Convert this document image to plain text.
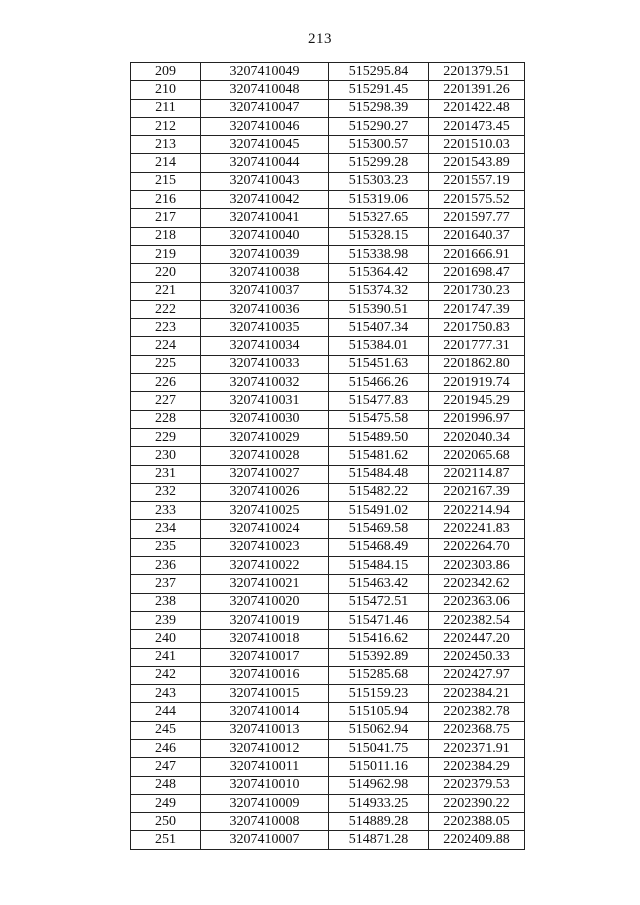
213
209	3207410049	515295.84	2201379.51
210	3207410048	515291.45	2201391.26
211	3207410047	515298.39	2201422.48
212	3207410046	515290.27	2201473.45
213	3207410045	515300.57	2201510.03
214	3207410044	515299.28	2201543.89
215	3207410043	515303.23	2201557.19
216	3207410042	515319.06	2201575.52
217	3207410041	515327.65	2201597.77
218	3207410040	515328.15	2201640.37
219	3207410039	515338.98	2201666.91
220	3207410038	515364.42	2201698.47
221	3207410037	515374.32	2201730.23
222	3207410036	515390.51	2201747.39
223	3207410035	515407.34	2201750.83
224	3207410034	515384.01	2201777.31
225	3207410033	515451.63	2201862.80
226	3207410032	515466.26	2201919.74
227	3207410031	515477.83	2201945.29
228	3207410030	515475.58	2201996.97
229	3207410029	515489.50	2202040.34
230	3207410028	515481.62	2202065.68
231	3207410027	515484.48	2202114.87
232	3207410026	515482.22	2202167.39
233	3207410025	515491.02	2202214.94
234	3207410024	515469.58	2202241.83
235	3207410023	515468.49	2202264.70
236	3207410022	515484.15	2202303.86
237	3207410021	515463.42	2202342.62
238	3207410020	515472.51	2202363.06
239	3207410019	515471.46	2202382.54
240	3207410018	515416.62	2202447.20
241	3207410017	515392.89	2202450.33
242	3207410016	515285.68	2202427.97
243	3207410015	515159.23	2202384.21
244	3207410014	515105.94	2202382.78
245	3207410013	515062.94	2202368.75
246	3207410012	515041.75	2202371.91
247	3207410011	515011.16	2202384.29
248	3207410010	514962.98	2202379.53
249	3207410009	514933.25	2202390.22
250	3207410008	514889.28	2202388.05
251	3207410007	514871.28	2202409.88
